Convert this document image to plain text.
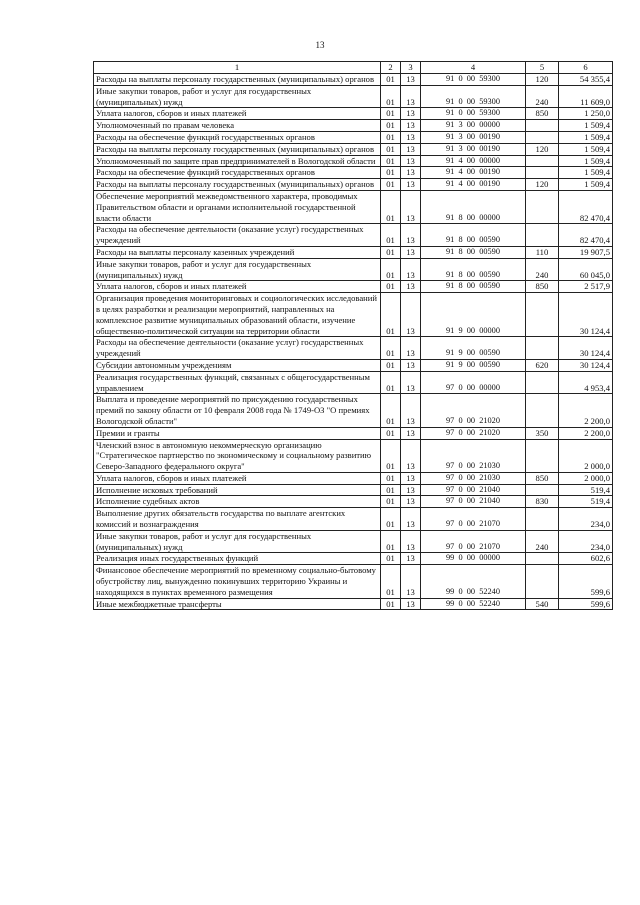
13
1	2	3	4	5	6
Расходы на выплаты персоналу государственных (муниципальных) органов	01	13	91  0  00  59300	120	54 355,4
Иные закупки товаров, работ и услуг для государственных (муниципальных) нужд	01	13	91  0  00  59300	240	11 609,0
Уплата налогов, сборов и иных платежей	01	13	91  0  00  59300	850	1 250,0
Уполномоченный по правам человека	01	13	91  3  00  00000		1 509,4
Расходы на обеспечение функций государственных органов	01	13	91  3  00  00190		1 509,4
Расходы на выплаты персоналу государственных (муниципальных) органов	01	13	91  3  00  00190	120	1 509,4
Уполномоченный по защите прав предпринимателей в Вологодской области	01	13	91  4  00  00000		1 509,4
Расходы на обеспечение функций государственных органов	01	13	91  4  00  00190		1 509,4
Расходы на выплаты персоналу государственных (муниципальных) органов	01	13	91  4  00  00190	120	1 509,4
Обеспечение мероприятий межведомственного характера, проводимых Правительством области и органами исполнительной государственной власти области	01	13	91  8  00  00000		82 470,4
Расходы на обеспечение деятельности (оказание услуг) государственных учреждений	01	13	91  8  00  00590		82 470,4
Расходы на выплаты персоналу казенных учреждений	01	13	91  8  00  00590	110	19 907,5
Иные закупки товаров, работ и услуг для государственных (муниципальных) нужд	01	13	91  8  00  00590	240	60 045,0
Уплата налогов, сборов и иных платежей	01	13	91  8  00  00590	850	2 517,9
Организация проведения мониторинговых и социологических исследований в целях разработки и реализации мероприятий, направленных на комплексное развитие муниципальных образований области, изучение общественно-политической ситуации на территории области	01	13	91  9  00  00000		30 124,4
Расходы на обеспечение деятельности (оказание услуг) государственных учреждений	01	13	91  9  00  00590		30 124,4
Субсидии автономным учреждениям	01	13	91  9  00  00590	620	30 124,4
Реализация государственных функций, связанных с общегосударственным управлением	01	13	97  0  00  00000		4 953,4
Выплата и проведение мероприятий по присуждению государственных премий по закону области от 10 февраля 2008 года № 1749-ОЗ "О премиях Вологодской области"	01	13	97  0  00  21020		2 200,0
Премии и гранты	01	13	97  0  00  21020	350	2 200,0
Членский взнос в автономную некоммерческую организацию "Стратегическое партнерство по экономическому и социальному развитию Северо-Западного федерального округа"	01	13	97  0  00  21030		2 000,0
Уплата налогов, сборов и иных платежей	01	13	97  0  00  21030	850	2 000,0
Исполнение исковых требований	01	13	97  0  00  21040		519,4
Исполнение судебных актов	01	13	97  0  00  21040	830	519,4
Выполнение других обязательств государства по выплате агентских комиссий и вознаграждения	01	13	97  0  00  21070		234,0
Иные закупки товаров, работ и услуг для государственных (муниципальных) нужд	01	13	97  0  00  21070	240	234,0
Реализация иных государственных функций	01	13	99  0  00  00000		602,6
Финансовое обеспечение мероприятий по временному социально-бытовому обустройству лиц, вынужденно покинувших территорию Украины и находящихся в пунктах временного размещения	01	13	99  0  00  52240		599,6
Иные межбюджетные трансферты	01	13	99  0  00  52240	540	599,6
